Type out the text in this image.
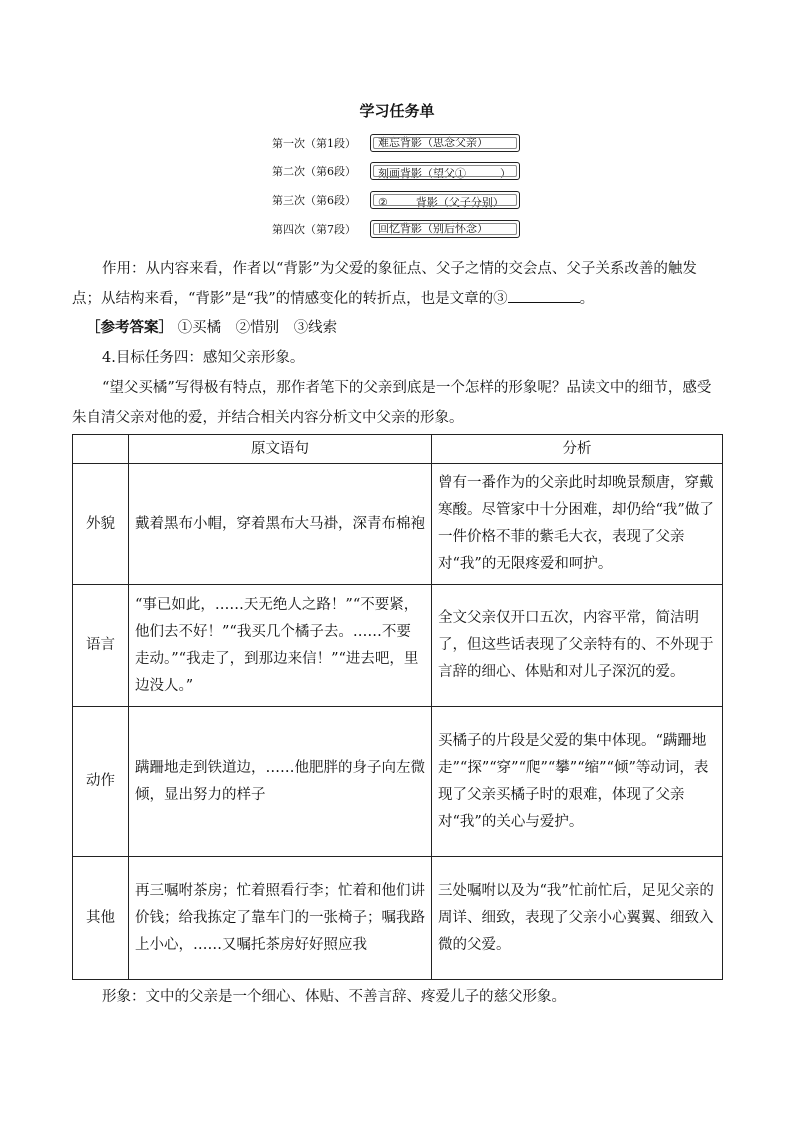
学习任务单
第一次（第1段）	难忘背影（思念父亲）
第二次（第6段）	刻画背影（望父①	）
第三次（第6段）	②	背影（父子分别）
第四次（第7段）	回忆背影（别后怀念）
作用：从内容来看，作者以“背影”为父爱的象征点、父子之情的交会点、父子关系改善的触发点；从结构来看，“背影”是“我”的情感变化的转折点，也是文章的③	。
［参考答案］ ①买橘　②惜别　③线索
4.目标任务四：感知父亲形象。
“望父买橘”写得极有特点，那作者笔下的父亲到底是一个怎样的形象呢？品读文中的细节，感受朱自清父亲对他的爱，并结合相关内容分析文中父亲的形象。
	原文语句	分析
外貌	戴着黑布小帽，穿着黑布大马褂，深青布棉袍	曾有一番作为的父亲此时却晚景颓唐，穿戴寒酸。尽管家中十分困难，却仍给“我”做了一件价格不菲的紫毛大衣，表现了父亲对“我”的无限疼爱和呵护。
语言	“事已如此，……天无绝人之路！”“不要紧，他们去不好！”“我买几个橘子去。……不要走动。”“我走了，到那边来信！”“进去吧，里边没人。”	全文父亲仅开口五次，内容平常，简洁明了，但这些话表现了父亲特有的、不外现于言辞的细心、体贴和对儿子深沉的爱。
动作	蹒跚地走到铁道边，……他肥胖的身子向左微倾，显出努力的样子	买橘子的片段是父爱的集中体现。“蹒跚地走”“探”“穿”“爬”“攀”“缩”“倾”等动词，表现了父亲买橘子时的艰难，体现了父亲对“我”的关心与爱护。
其他	再三嘱咐茶房；忙着照看行李；忙着和他们讲价钱；给我拣定了靠车门的一张椅子；嘱我路上小心，……又嘱托茶房好好照应我	三处嘱咐以及为“我”忙前忙后，足见父亲的周详、细致，表现了父亲小心翼翼、细致入微的父爱。
形象：文中的父亲是一个细心、体贴、不善言辞、疼爱儿子的慈父形象。
